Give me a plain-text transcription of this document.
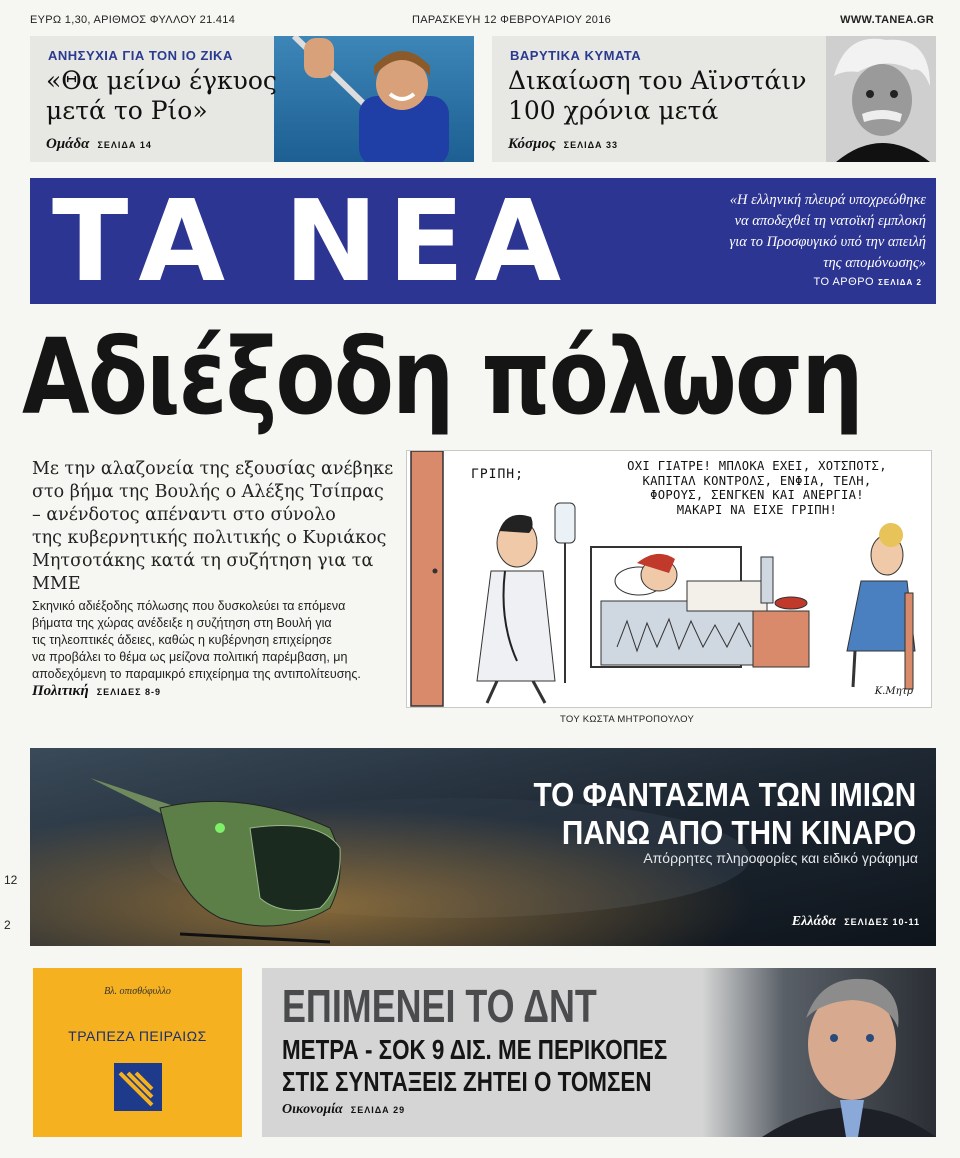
ΕΥΡΩ 1,30, ΑΡΙΘΜΟΣ ΦΥΛΛΟΥ 21.414	ΠΑΡΑΣΚΕΥΗ 12 ΦΕΒΡΟΥΑΡΙΟΥ 2016	WWW.TANEA.GR
ΑΝΗΣΥΧΙΑ ΓΙΑ ΤΟΝ ΙΟ ΖΙΚΑ
«Θα μείνω έγκυος
μετά το Ρίο»
Ομάδα ΣΕΛΙΔΑ 14
ΒΑΡΥΤΙΚΑ ΚΥΜΑΤΑ
Δικαίωση του Αϊνστάιν
100 χρόνια μετά
Κόσμος ΣΕΛΙΔΑ 33
ΤΑ ΝΕΑ	«Η ελληνική πλευρά υποχρεώθηκε
να αποδεχθεί τη νατοϊκή εμπλοκή
για το Προσφυγικό υπό την απειλή
της απομόνωσης»
ΤΟ ΑΡΘΡΟ ΣΕΛΙΔΑ 2
Αδιέξοδη πόλωση
Με την αλαζονεία της εξουσίας ανέβηκε
στο βήμα της Βουλής ο Αλέξης Τσίπρας
– ανένδοτος απέναντι στο σύνολο
της κυβερνητικής πολιτικής ο Κυριάκος
Μητσοτάκης κατά τη συζήτηση για τα ΜΜΕ
Σκηνικό αδιέξοδης πόλωσης που δυσκολεύει τα επόμενα
βήματα της χώρας ανέδειξε η συζήτηση στη Βουλή για
τις τηλεοπτικές άδειες, καθώς η κυβέρνηση επιχείρησε
να προβάλει το θέμα ως μείζονα πολιτική παρέμβαση, μη
αποδεχόμενη το παραμικρό επιχείρημα της αντιπολίτευσης.
Πολιτική ΣΕΛΙΔΕΣ 8-9
ΓΡΙΠΗ;
ΟΧΙ ΓΙΑΤΡΕ! ΜΠΛΟΚΑ ΕΧΕΙ, ΧΟΤΣΠΟΤΣ,
ΚΑΠΙΤΑΛ ΚΟΝΤΡΟΛΣ, ΕΝΦΙΑ, ΤΕΛΗ,
ΦΟΡΟΥΣ, ΣΕΝΓΚΕΝ ΚΑΙ ΑΝΕΡΓΙΑ!
ΜΑΚΑΡΙ ΝΑ ΕΙΧΕ ΓΡΙΠΗ!
Κ.Μητρ
ΤΟΥ ΚΩΣΤΑ ΜΗΤΡΟΠΟΥΛΟΥ
ΤΟ ΦΑΝΤΑΣΜΑ ΤΩΝ ΙΜΙΩΝ
ΠΑΝΩ ΑΠΟ ΤΗΝ ΚΙΝΑΡΟ
Απόρρητες πληροφορίες και ειδικό γράφημα
Ελλάδα ΣΕΛΙΔΕΣ 10-11
12
2
Βλ. οπισθόφυλλο
ΤΡΑΠΕΖΑ ΠΕΙΡΑΙΩΣ
ΕΠΙΜΕΝΕΙ ΤΟ ΔΝΤ
ΜΕΤΡΑ - ΣΟΚ 9 ΔΙΣ. ΜΕ ΠΕΡΙΚΟΠΕΣ
ΣΤΙΣ ΣΥΝΤΑΞΕΙΣ ΖΗΤΕΙ Ο ΤΟΜΣΕΝ
Οικονομία ΣΕΛΙΔΑ 29
